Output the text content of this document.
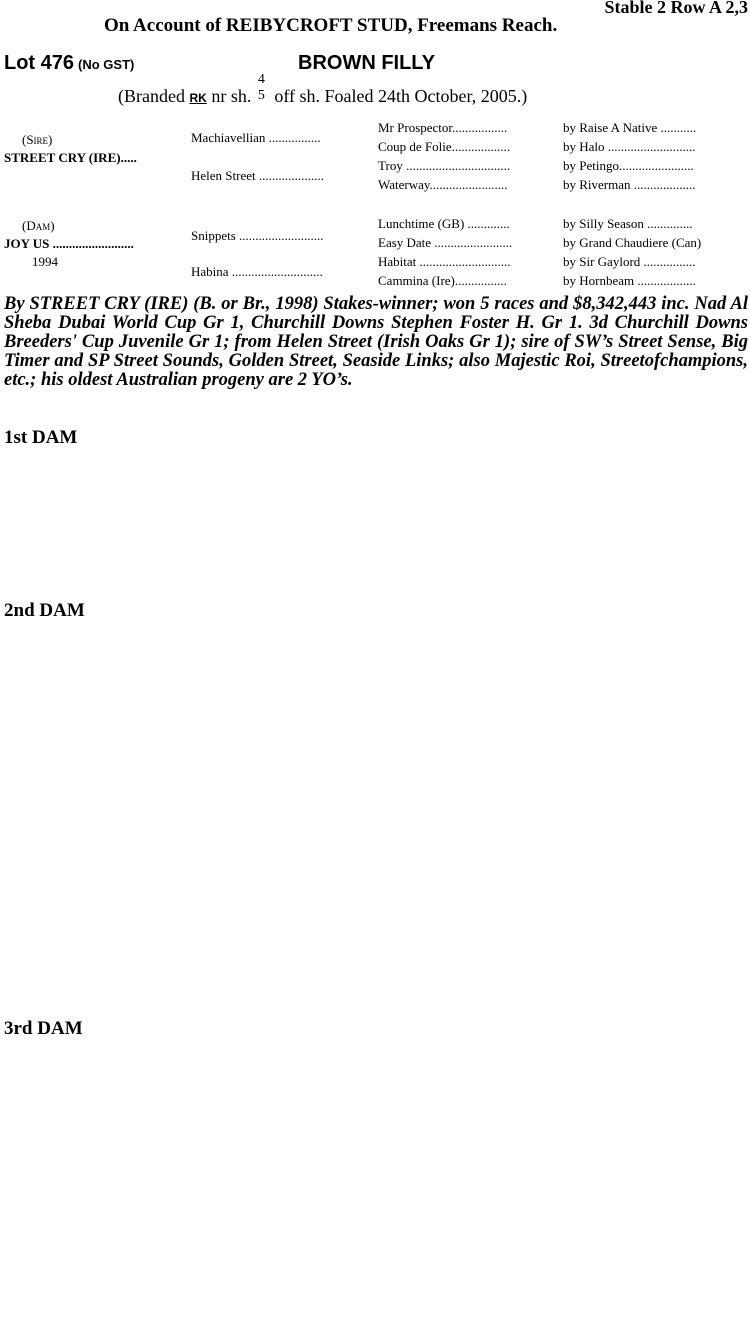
Stable 2 Row A 2,3
On Account of REIBYCROFT STUD, Freemans Reach.
Lot 476 (No GST)	BROWN FILLY
(Branded RK nr sh.
4
5 off sh. Foaled 24th October, 2005.)
(Sire)
STREET CRY (IRE).....
(Dam)
JOY US .........................
1994
Machiavellian ................
Helen Street ....................
Snippets ..........................
Habina ............................
Mr Prospector.................
Coup de Folie..................
Troy ................................
Waterway........................
Lunchtime (GB) .............
Easy Date ........................
Habitat ............................
Cammina (Ire)................
by Raise A Native ...........
by Halo ...........................
by Petingo.......................
by Riverman ...................
by Silly Season ..............
by Grand Chaudiere (Can)
by Sir Gaylord ................
by Hornbeam ..................
By STREET CRY (IRE) (B. or Br., 1998) Stakes-winner; won 5 races and $8,342,443 inc. Nad Al Sheba Dubai World Cup Gr 1, Churchill Downs Stephen Foster H. Gr 1. 3d Churchill Downs Breeders' Cup Juvenile Gr 1; from Helen Street (Irish Oaks Gr 1); sire of SW’s Street Sense, Big Timer and SP Street Sounds, Golden Street, Seaside Links; also Majestic Roi, Streetofchampions, etc.; his oldest Australian progeny are 2 YO’s.
1st DAM
2nd DAM
3rd DAM
